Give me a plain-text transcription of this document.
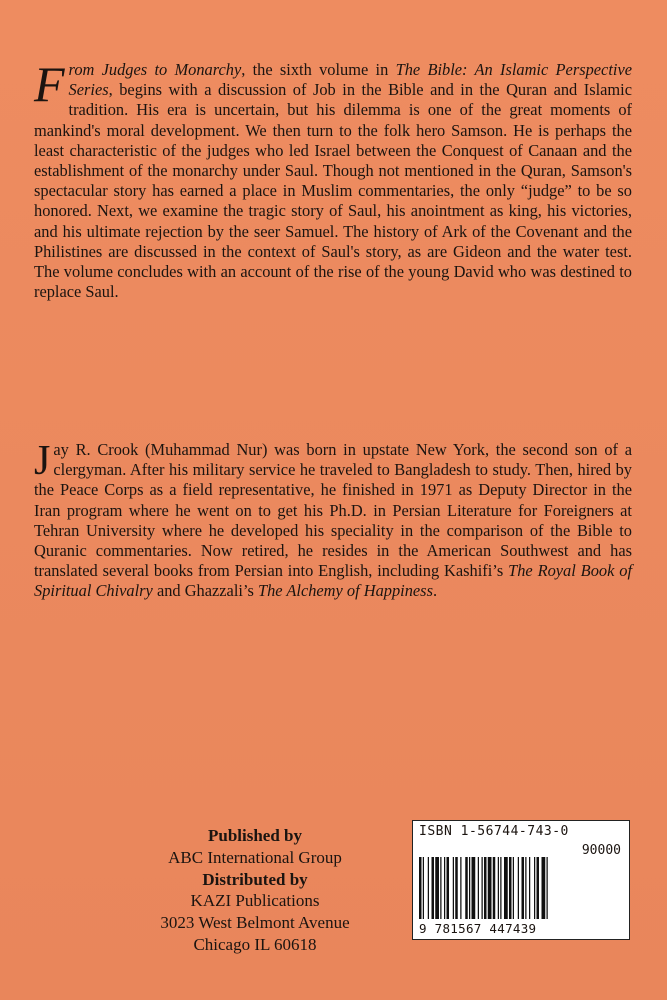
From Judges to Monarchy, the sixth volume in The Bible: An Islamic Perspective Series, begins with a discussion of Job in the Bible and in the Quran and Islamic tradition. His era is uncertain, but his dilemma is one of the great moments of mankind's moral development. We then turn to the folk hero Samson. He is perhaps the least characteristic of the judges who led Israel between the Conquest of Canaan and the establishment of the monarchy under Saul. Though not mentioned in the Quran, Samson's spectacular story has earned a place in Muslim commentaries, the only “judge” to be so honored. Next, we examine the tragic story of Saul, his anointment as king, his victories, and his ultimate rejection by the seer Samuel. The history of Ark of the Covenant and the Philistines are discussed in the context of Saul's story, as are Gideon and the water test. The volume concludes with an account of the rise of the young David who was destined to replace Saul.

Jay R. Crook (Muhammad Nur) was born in upstate New York, the second son of a clergyman. After his military service he traveled to Bangladesh to study. Then, hired by the Peace Corps as a field representative, he finished in 1971 as Deputy Director in the Iran program where he went on to get his Ph.D. in Persian Literature for Foreigners at Tehran University where he developed his speciality in the comparison of the Bible to Quranic commentaries. Now retired, he resides in the American Southwest and has translated several books from Persian into English, including Kashifi’s The Royal Book of Spiritual Chivalry and Ghazzali’s The Alchemy of Happiness.

Published by
ABC International Group
Distributed by
KAZI Publications
3023 West Belmont Avenue
Chicago IL 60618
ISBN 1-56744-743-0
90000
9 781567 447439
